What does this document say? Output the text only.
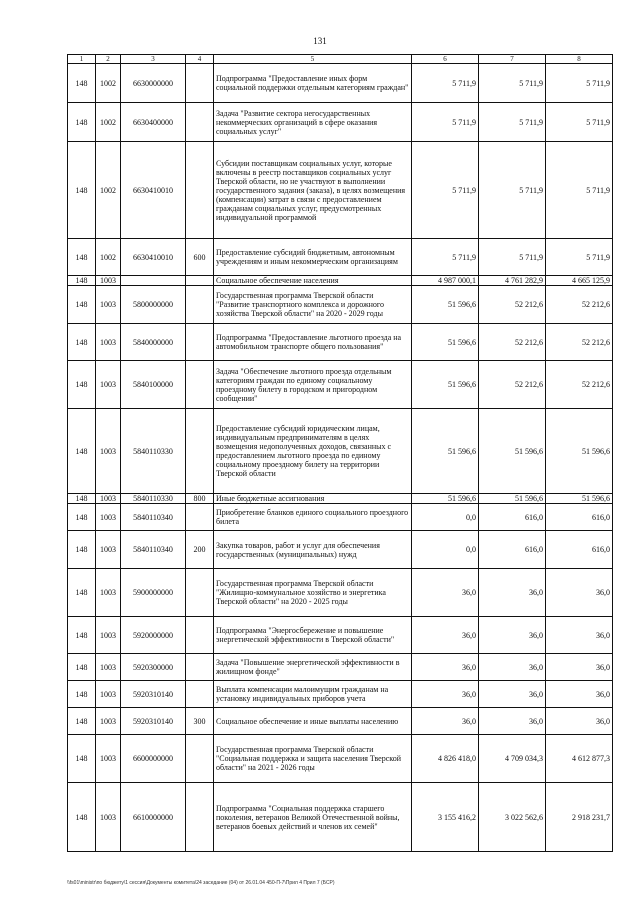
131
1	2	3	4	5	6	7	8
148	1002	6630000000		Подпрограмма "Предоставление иных форм социальной поддержки отдельным категориям граждан"	5 711,9	5 711,9	5 711,9
148	1002	6630400000		Задача "Развитие сектора негосударственных некоммерческих организаций в сфере оказания социальных услуг"	5 711,9	5 711,9	5 711,9
148	1002	6630410010		Субсидии поставщикам социальных услуг, которые включены в реестр поставщиков социальных услуг Тверской области, но не участвуют в выполнении государственного задания (заказа), в целях возмещения (компенсации) затрат в связи с предоставлением гражданам социальных услуг, предусмотренных индивидуальной программой	5 711,9	5 711,9	5 711,9
148	1002	6630410010	600	Предоставление субсидий бюджетным, автономным учреждениям и иным некоммерческим организациям	5 711,9	5 711,9	5 711,9
148	1003			Социальное обеспечение населения	4 987 000,1	4 761 282,9	4 665 125,9
148	1003	5800000000		Государственная программа Тверской области "Развитие транспортного комплекса и дорожного хозяйства Тверской области" на 2020 - 2029 годы	51 596,6	52 212,6	52 212,6
148	1003	5840000000		Подпрограмма "Предоставление льготного проезда на автомобильном транспорте общего пользования"	51 596,6	52 212,6	52 212,6
148	1003	5840100000		Задача "Обеспечение льготного проезда отдельным категориям граждан по единому социальному проездному билету в городском и пригородном сообщении"	51 596,6	52 212,6	52 212,6
148	1003	5840110330		Предоставление субсидий юридическим лицам, индивидуальным предпринимателям в целях возмещения недополученных доходов, связанных с предоставлением льготного проезда по единому социальному проездному билету на территории Тверской области	51 596,6	51 596,6	51 596,6
148	1003	5840110330	800	Иные бюджетные ассигнования	51 596,6	51 596,6	51 596,6
148	1003	5840110340		Приобретение бланков единого социального проездного билета	0,0	616,0	616,0
148	1003	5840110340	200	Закупка товаров, работ и услуг для обеспечения государственных (муниципальных) нужд	0,0	616,0	616,0
148	1003	5900000000		Государственная программа Тверской области "Жилищно-коммунальное хозяйство и энергетика Тверской области" на 2020 - 2025 годы	36,0	36,0	36,0
148	1003	5920000000		Подпрограмма "Энергосбережение и повышение энергетической эффективности в Тверской области"	36,0	36,0	36,0
148	1003	5920300000		Задача "Повышение энергетической эффективности в жилищном фонде"	36,0	36,0	36,0
148	1003	5920310140		Выплата компенсации малоимущим гражданам на установку индивидуальных приборов учета	36,0	36,0	36,0
148	1003	5920310140	300	Социальное обеспечение и иные выплаты населению	36,0	36,0	36,0
148	1003	6600000000		Государственная программа Тверской области "Социальная поддержка и защита населения Тверской области" на 2021 - 2026 годы	4 826 418,0	4 709 034,3	4 612 877,3
148	1003	6610000000		Подпрограмма "Социальная поддержка старшего поколения, ветеранов Великой Отечественной войны, ветеранов боевых действий и членов их семей"	3 155 416,2	3 022 562,6	2 918 231,7
\\fs01\ministr\по бюджету\1 сессия\Документы комитета\24 заседание (04) от 26.01.04 450-П-7\Прил 4 Прил 7 (БСР)
